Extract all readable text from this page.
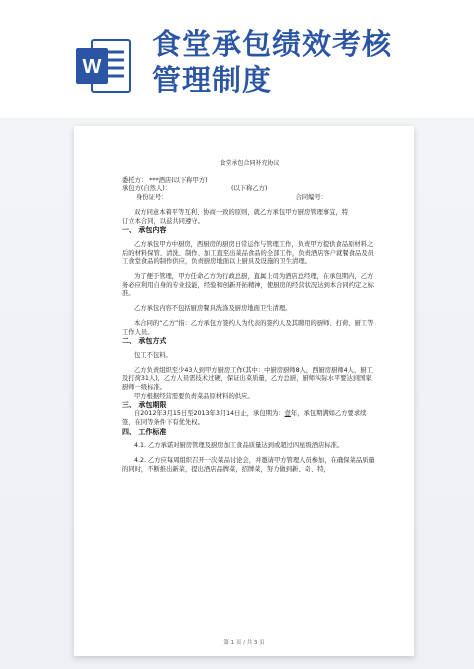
W
食堂承包绩效考核
管理制度
食堂承包合同补充协议
委托方： ***酒店(以下称甲方)
承包方(自然人)：	(以下称乙方)
身份证号：	合同编号：
双方同意本着平等互利、协商一致的原则，就乙方承包甲方厨房管理事宜，特
订立本合同，以兹共同遵守。
一、 承包内容
乙方承包甲方中厨房，西厨房的厨房日常运作与管理工作，负责甲方提供食品原材料之后的材料保管、清洗、制作、加工直至出菜品食品的全部工作，负责酒店客户就餐食品及员工食堂食品的制作供应，负责厨房地面以上厨具及设施的卫生清理。
为了便于管理，甲方任命乙方为行政总厨，直属上司为酒店总经理，在承包期内，乙方务必应利用自身的专业技能，经验和创新开拓精神，使厨房的经营状况达到本合同约定之标准。
乙方承包内容不包括厨房餐具洗涤及厨房地面卫生清理。
本合同的“乙方”指：乙方承包方签约人为代表的签约人及其聘用的厨师、打荷、厨工等工作人员。
二、 承包方式
包工不包料。
乙方负责组织至少43人到甲方厨房工作(其中：中厨房厨师8人，西厨房厨师4人，厨工及打荷31人)，乙方人员需技术过硬，保证出菜质量，乙方总厨，厨师实际水平要达到国家厨师一级标准。
甲方根据经营需要负责菜品原材料的供应。
三、 承包期限
自2012年3月15日至2013年3月14日止，承包期为：壹年，承包期满如乙方要求续签，在同等条件下有优先权。
四、 工作标准
4.1. 乙方承诺对厨房管理及厨房加工食品质量达到或超过四星级酒店标准。
4.2. 乙方应每周组织召开一次菜品讨论会，并邀请甲方管理人员参加，在确保菜品质量的同时，不断推出新菜，提出酒店品牌菜，招牌菜，努力做到新、奇、特，
第 1 页 / 共 3 页
